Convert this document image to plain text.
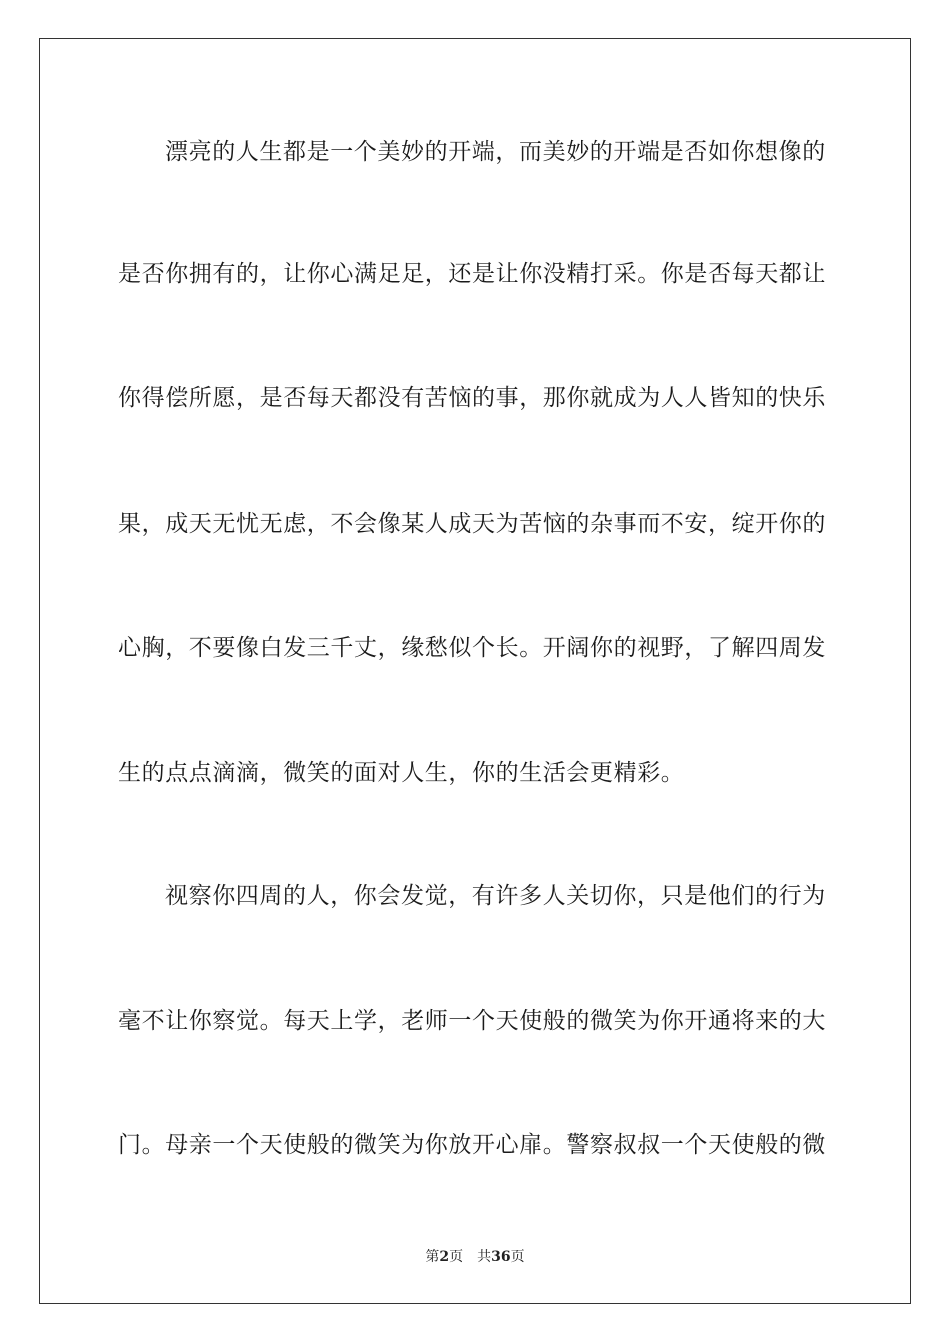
漂亮的人生都是一个美妙的开端，而美妙的开端是否如你想像的
是否你拥有的，让你心满足足，还是让你没精打采。你是否每天都让
你得偿所愿，是否每天都没有苦恼的事，那你就成为人人皆知的快乐
果，成天无忧无虑，不会像某人成天为苦恼的杂事而不安，绽开你的
心胸，不要像白发三千丈，缘愁似个长。开阔你的视野，了解四周发
生的点点滴滴，微笑的面对人生，你的生活会更精彩。
视察你四周的人，你会发觉，有许多人关切你，只是他们的行为
毫不让你察觉。每天上学，老师一个天使般的微笑为你开通将来的大
门。母亲一个天使般的微笑为你放开心扉。警察叔叔一个天使般的微
第2页 共36页
